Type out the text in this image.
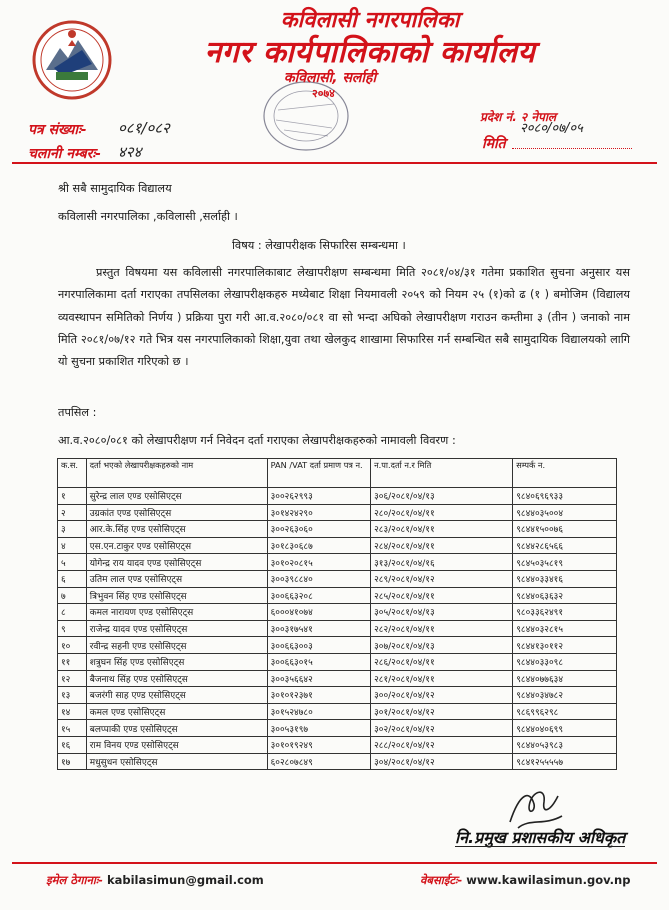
कविलासी नगरपालिका
नगर कार्यपालिकाको कार्यालय
कविलासी, सर्लाही
२०७४
प्रदेश नं. २ नेपाल
२०८०/०७/०५
मिति
पत्र संख्याः- ०८१/०८२
चलानी नम्बरः- ४२४
श्री सबै सामुदायिक विद्यालय
कविलासी नगरपालिका ,कविलासी ,सर्लाही ।
विषय : लेखापरीक्षक सिफारिस सम्बन्धमा ।
प्रस्तुत विषयमा यस कविलासी नगरपालिकाबाट लेखापरीक्षण सम्बन्धमा मिति २०८१/०४/३१ गतेमा प्रकाशित सुचना अनुसार यस नगरपालिकामा दर्ता गराएका तपसिलका लेखापरीक्षकहरु मध्येबाट शिक्षा नियमावली २०५९ को नियम २५ (१)को ढ (१ ) बमोजिम (विद्यालय व्यवस्थापन समितिको निर्णय ) प्रक्रिया पुरा गरी आ.व.२०८०/०८१ वा सो भन्दा अघिको लेखापरीक्षण गराउन कम्तीमा ३ (तीन ) जनाको नाम मिति २०८१/०७/१२ गते भित्र यस नगरपालिकाको शिक्षा,युवा तथा खेलकुद शाखामा सिफारिस गर्न सम्बन्धित सबै सामुदायिक विद्यालयको लागि यो सुचना प्रकाशित गरिएको छ ।
तपसिल :
आ.व.२०८०/०८१ को लेखापरीक्षण गर्न निवेदन दर्ता गराएका लेखापरीक्षकहरुको नामावली विवरण :
क.स.	दर्ता भएको लेखापरीक्षकहरुको नाम	PAN /VAT दर्ता प्रमाण पत्र न.	न.पा.दर्ता न.र मिति	सम्पर्क न.
१	सुरेन्द्र लाल एण्ड एसोसिएट्स	३००२६२९९३	३०६/२०८१/०४/१३	९८४०६९६९३३
२	उग्रकांत एण्ड एसोसिएट्स	३०१४२४२९०	२८०/२०८१/०४/११	९८४४०३५००४
३	आर.के.सिंह एण्ड एसोसिएट्स	३००२६३०६०	२८३/२०८१/०४/११	९८४४१५००७६
४	एस.एन.टाकुर एण्ड एसोसिएट्स	३०१८३०६८७	२८४/२०८१/०४/११	९८४४२८६५६६
५	योगेन्द्र राय यादव एण्ड एसोसिएट्स	३०१०२०८१५	३१३/२०८१/०४/१६	९८४५०३५८१९
६	उतिम लाल एण्ड एसोसिएट्स	३००३९८८४०	२८९/२०८१/०४/१२	९८४४०३३४१६
७	त्रिभुवन सिंह एण्ड एसोसिएट्स	३००६६३२०८	२८५/२०८१/०४/११	९८४४०६३६३२
८	कमल नारायण एण्ड एसोसिएट्स	६०००४१०७४	३०५/२०८१/०४/१३	९८०३३६२४९१
९	राजेन्द्र यादव एण्ड एसोसिएट्स	३००३१७५४१	२८२/२०८१/०४/११	९८४४०३२८१५
१०	रवीन्द्र सहनी एण्ड एसोसिएट्स	३००६६३००३	३०७/२०८१/०४/१३	९८४४१३०११२
११	शत्रुघन सिंह एण्ड एसोसिएट्स	३००६६३०१५	२८६/२०८१/०४/११	९८४४०३३०९८
१२	बैजनाथ सिंह एण्ड एसोसिएट्स	३००३५६६४२	२८१/२०८१/०४/११	९८४४०७७६३४
१३	बजरंगी साह एण्ड एसोसिएट्स	३०१०१२३७१	३००/२०८१/०४/१२	९८४४०३४७८२
१४	कमल एण्ड एसोसिएट्स	३०१५२४७८०	३०१/२०८१/०४/१२	९८६९९६२९८
१५	बलप्पाकी एण्ड एसोसिएट्स	३००५३१९७	३०२/२०८१/०४/१२	९८४४०४०६९९
१६	राम विनय एण्ड एसोसिएट्स	३०१०१९२४९	२८८/२०८१/०४/१२	९८४४०५३९८३
१७	मधुसुधन एसोसिएट्स	६०२८०७८४९	३०४/२०८१/०४/१२	९८४१२५५५५७
नि.प्रमुख प्रशासकीय अधिकृत
इमेल ठेगानाः- kabilasimun@gmail.com	वेबसाईटः- www.kawilasimun.gov.np
